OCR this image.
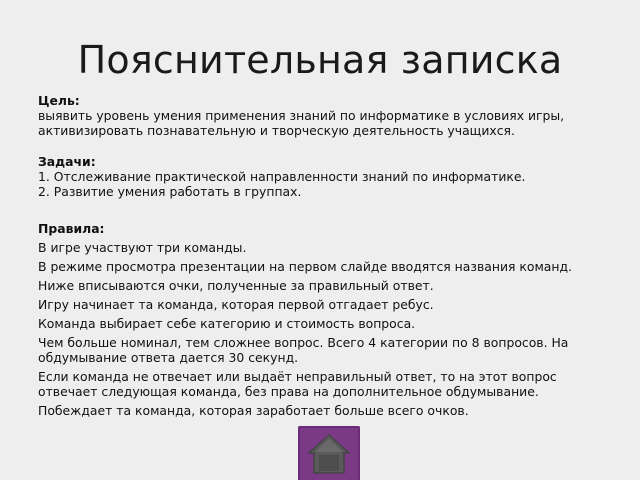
Пояснительная записка
Цель:
выявить уровень умения применения знаний по информатике в условиях игры, активизировать познавательную и творческую деятельность учащихся.
Задачи:
1. Отслеживание практической направленности знаний по информатике.
2. Развитие умения работать в группах.
Правила:
В игре участвуют три команды.
В режиме просмотра презентации на первом слайде вводятся названия команд.
Ниже вписываются очки, полученные за правильный ответ.
Игру начинает та команда, которая первой отгадает ребус.
Команда выбирает себе категорию и стоимость вопроса.
Чем больше номинал, тем сложнее вопрос. Всего 4 категории по 8 вопросов. На обдумывание ответа дается 30 секунд.
Если команда не отвечает или выдаёт неправильный ответ, то на этот вопрос отвечает следующая команда, без права на дополнительное обдумывание.
Побеждает та команда, которая заработает больше всего очков.
